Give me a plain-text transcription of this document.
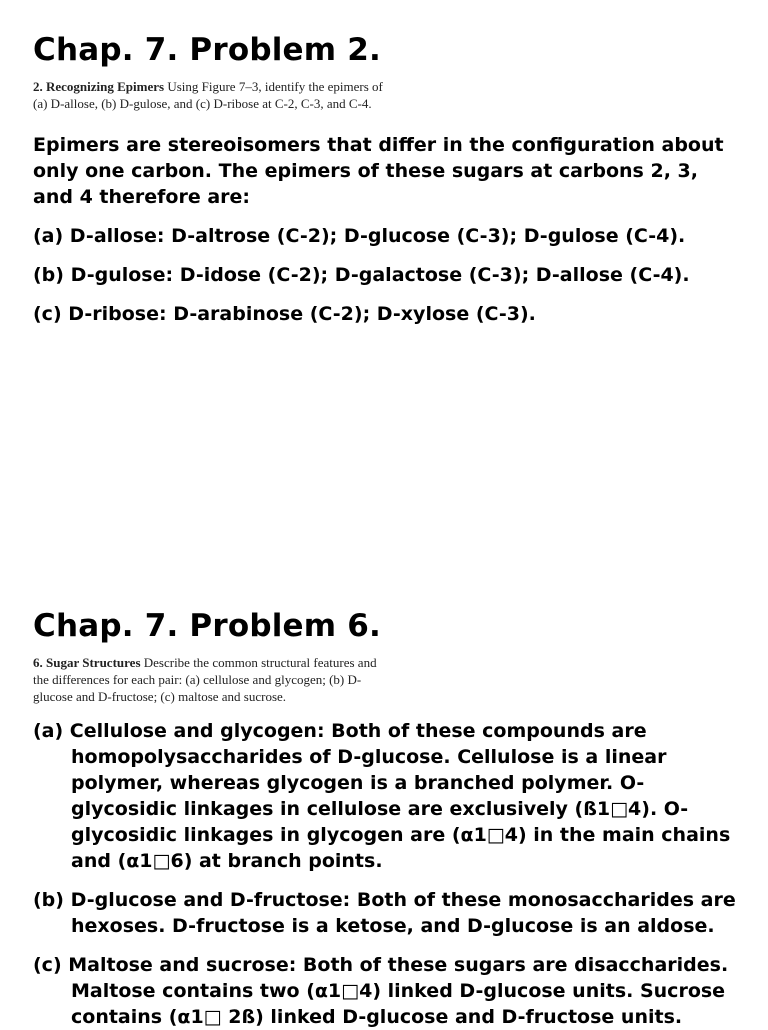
Chap. 7. Problem 2.
2. Recognizing Epimers Using Figure 7–3, identify the epimers of (a) D-allose, (b) D-gulose, and (c) D-ribose at C-2, C-3, and C-4.
Epimers are stereoisomers that differ in the configuration about only one carbon. The epimers of these sugars at carbons 2, 3, and 4 therefore are:
(a) D-allose: D-altrose (C-2); D-glucose (C-3); D-gulose (C-4).
(b) D-gulose: D-idose (C-2); D-galactose (C-3); D-allose (C-4).
(c) D-ribose: D-arabinose (C-2); D-xylose (C-3).
Chap. 7. Problem 6.
6. Sugar Structures Describe the common structural features and the differences for each pair: (a) cellulose and glycogen; (b) D-glucose and D-fructose; (c) maltose and sucrose.
(a) Cellulose and glycogen: Both of these compounds are homopolysaccharides of D-glucose. Cellulose is a linear polymer, whereas glycogen is a branched polymer. O-glycosidic linkages in cellulose are exclusively (ß1□4). O-glycosidic linkages in glycogen are (α1□4) in the main chains and (α1□6) at branch points.
(b) D-glucose and D-fructose: Both of these monosaccharides are hexoses. D-fructose is a ketose, and D-glucose is an aldose.
(c) Maltose and sucrose: Both of these sugars are disaccharides. Maltose contains two (α1□4) linked D-glucose units. Sucrose contains (α1□ 2ß) linked D-glucose and D-fructose units.
